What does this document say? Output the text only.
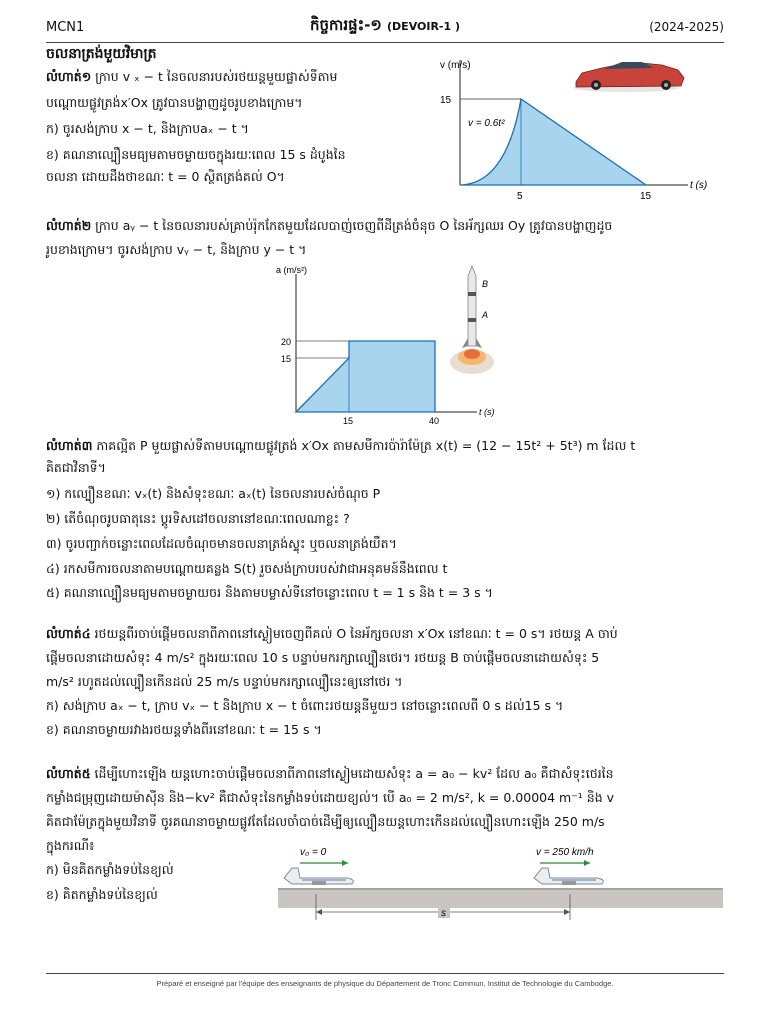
MCN1	កិច្ចការផ្ទះ-១ (DEVOIR-1 )	(2024-2025)
ចលនាត្រង់មួយវិមាត្រ
លំហាត់១ ក្រាប v ₓ − t នៃចលនារបស់រថយន្តមួយផ្លាស់ទីតាម
បណ្ដោយផ្លូវត្រង់x′Ox ត្រូវបានបង្ហាញដូចរូបខាងក្រោម។
ក) ចូរសង់ក្រាប x − t, និងក្រាបaₓ − t ។
ខ) គណនាល្បឿនមធ្យមតាមចម្ងាយចក្នុងរយៈពេល 15 s ដំបូងនៃ
ចលនា ដោយដឹងថាខណៈ t = 0 ស្ថិតត្រង់គល់ O។
v (m/s)
15
5	15
t (s)
v = 0.6t²
លំហាត់២ ក្រាប aᵧ − t នៃចលនារបស់គ្រាប់រ៉ុកកែតមួយដែលបាញ់ចេញពីដីត្រង់ចំនុច O នៃអ័ក្សឈរ Oy ត្រូវបានបង្ហាញដូច
រូបខាងក្រោម។ ចូរសង់ក្រាប vᵧ − t, និងក្រាប y − t ។
a (m/s²)
20
15
15	40
t (s)
B
A
លំហាត់៣ ភាគល្អិត P មួយផ្លាស់ទីតាមបណ្ដោយផ្លូវត្រង់ x′Ox តាមសមីការប៉ារ៉ាម៉ែត្រ x(t) = (12 − 15t² + 5t³) m ដែល t
គិតជាវិនាទី។
១) កល្បឿនខណៈ vₓ(t) និងសំទុះខណៈ aₓ(t) នៃចលនារបស់ចំណុច P
២) តើចំណុចរូបធាតុនេះ ប្ដូរទិសដៅចលនានៅខណៈពេលណាខ្លះ ?
៣) ចូរបញ្ជាក់ចន្លោះពេលដែលចំណុចមានចលនាត្រង់ស្ទុះ ឬចលនាត្រង់យឺត។
៤) រកសមីការចលនាតាមបណ្ដោយគន្លង S(t) រួចសង់ក្រាបរបស់វាជាអនុគមន៍នឹងពេល t
៥) គណនាល្បឿនមធ្យមតាមចម្ងាយចរ និងតាមបម្លាស់ទីនៅចន្លោះពេល t = 1 s និង t = 3 s ។
លំហាត់៤ រថយន្តពីរចាប់ផ្ដើមចលនាពីភាពនៅស្ងៀមចេញពីគល់ O នៃអ័ក្សចលនា x′Ox នៅខណៈ t = 0 s។ រថយន្ត A ចាប់
ផ្ដើមចលនាដោយសំទុះ 4 m/s² ក្នុងរយៈពេល 10 s បន្ទាប់មករក្សាល្បឿនថេរ។ រថយន្ត B ចាប់ផ្ដើមចលនាដោយសំទុះ 5
m/s² រហូតដល់ល្បឿនកើនដល់ 25 m/s បន្ទាប់មករក្សាល្បឿនេះឲ្យនៅថេរ ។
ក) សង់ក្រាប aₓ − t, ក្រាប vₓ − t និងក្រាប x − t ចំពោះរថយន្តនីមួយៗ នៅចន្លោះពេលពី 0 s ដល់15 s ។
ខ) គណនាចម្ងាយរវាងរថយន្តទាំងពីរនៅខណៈ t = 15 s ។
លំហាត់៥ ដើម្បីហោះឡើង យន្តហោះចាប់ផ្ដើមចលនាពីភាពនៅស្ងៀមដោយសំទុះ a = a₀ − kv² ដែល a₀ គឺជាសំទុះថេរនៃ
កម្លាំងជម្រុញដោយម៉ាស៊ីន និង−kv² គឺជាសំទុះនៃកម្លាំងទប់ដោយខ្យល់។ បើ a₀ = 2 m/s², k = 0.00004 m⁻¹ និង v
គិតជាម៉ែត្រក្នុងមួយវិនាទី ចូរគណនាចម្ងាយផ្លូវតែដែលចាំបាច់ដើម្បីឲ្យល្បឿនយន្តហោះកើនដល់ល្បឿនហោះឡើង 250 m/s
ក្នុងករណី៖
ក) មិនគិតកម្លាំងទប់នៃខ្យល់
ខ) គិតកម្លាំងទប់នៃខ្យល់
v₀ = 0	v = 250 km/h
s
Préparé et enseigné par l'équipe des enseignants de physique du Département de Tronc Commun, Institut de Technologie du Cambodge.
